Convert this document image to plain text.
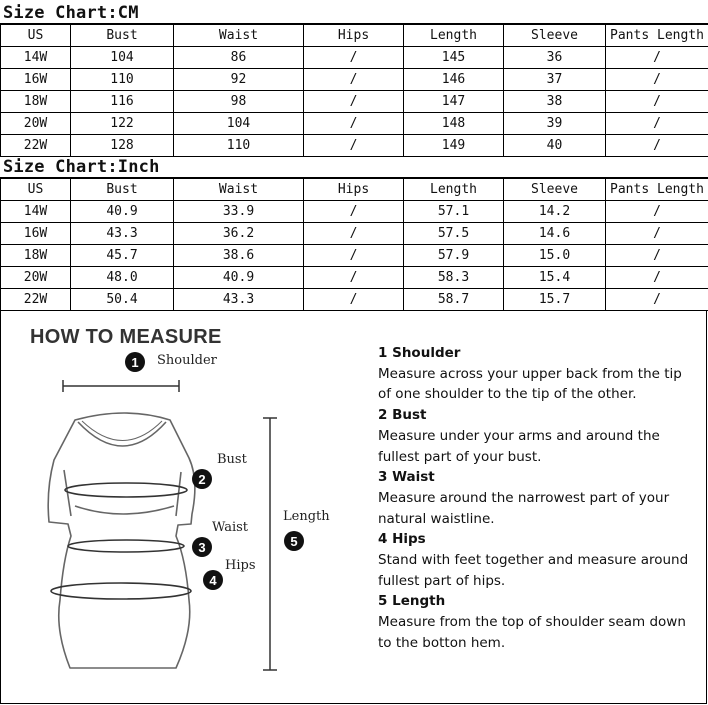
Size Chart:CM
US	Bust	Waist	Hips	Length	Sleeve	Pants Length
14W	104	86	/	145	36	/
16W	110	92	/	146	37	/
18W	116	98	/	147	38	/
20W	122	104	/	148	39	/
22W	128	110	/	149	40	/
Size Chart:Inch
US	Bust	Waist	Hips	Length	Sleeve	Pants Length
14W	40.9	33.9	/	57.1	14.2	/
16W	43.3	36.2	/	57.5	14.6	/
18W	45.7	38.6	/	57.9	15.0	/
20W	48.0	40.9	/	58.3	15.4	/
22W	50.4	43.3	/	58.7	15.7	/
HOW TO MEASURE
1
2
3
4
5
Shoulder
Bust
Waist
Hips
Length
1 Shoulder
Measure across your upper back from the tip of one shoulder to the tip of the other.
2 Bust
Measure under your arms and around the fullest part of your bust.
3 Waist
Measure around the narrowest part of your natural waistline.
4 Hips
Stand with feet together and measure around fullest part of hips.
5 Length
Measure from the top of shoulder seam down to the botton hem.
